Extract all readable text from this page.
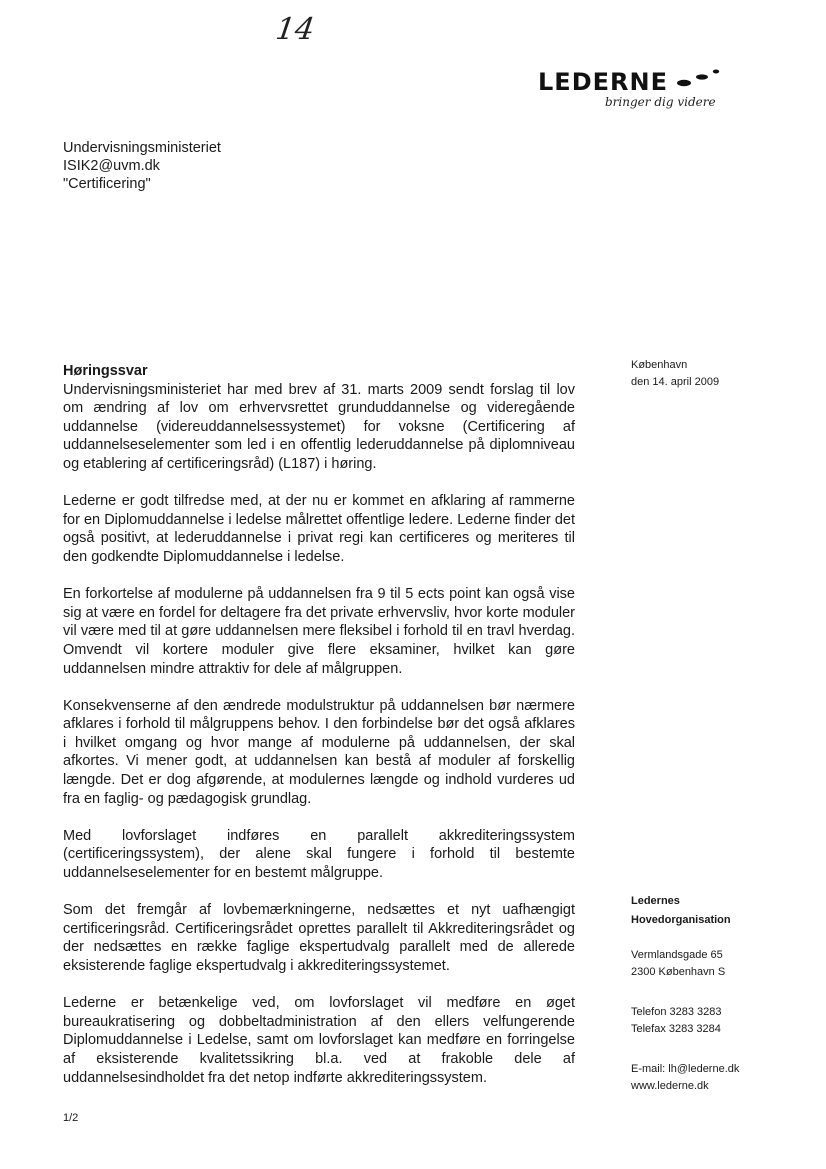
14
LEDERNE
bringer dig videre
Undervisningsministeriet
ISIK2@uvm.dk
"Certificering"
København
den 14. april 2009
Høringssvar

Undervisningsministeriet har med brev af 31. marts 2009 sendt forslag til lov om ændring af lov om erhvervsrettet grunduddannelse og videregående uddannelse (videreuddannelsessystemet) for voksne (Certificering af uddannelseselementer som led i en offentlig lederuddannelse på diplomniveau og etablering af certificeringsråd) (L187) i høring.

Lederne er godt tilfredse med, at der nu er kommet en afklaring af rammerne for en Diplomuddannelse i ledelse målrettet offentlige ledere. Lederne finder det også positivt, at lederuddannelse i privat regi kan certificeres og meriteres til den godkendte Diplomuddannelse i ledelse.

En forkortelse af modulerne på uddannelsen fra 9 til 5 ects point kan også vise sig at være en fordel for deltagere fra det private erhvervsliv, hvor korte moduler vil være med til at gøre uddannelsen mere fleksibel i forhold til en travl hverdag. Omvendt vil kortere moduler give flere eksaminer, hvilket kan gøre uddannelsen mindre attraktiv for dele af målgruppen.

Konsekvenserne af den ændrede modulstruktur på uddannelsen bør nærmere afklares i forhold til målgruppens behov. I den forbindelse bør det også afklares i hvilket omgang og hvor mange af modulerne på uddannelsen, der skal afkortes. Vi mener godt, at uddannelsen kan bestå af moduler af forskellig længde. Det er dog afgørende, at modulernes længde og indhold vurderes ud fra en faglig- og pædagogisk grundlag.

Med lovforslaget indføres en parallelt akkrediteringssystem (certificeringssystem), der alene skal fungere i forhold til bestemte uddannelseselementer for en bestemt målgruppe.

Som det fremgår af lovbemærkningerne, nedsættes et nyt uafhængigt certificeringsråd. Certificeringsrådet oprettes parallelt til Akkrediteringsrådet og der nedsættes en række faglige ekspertudvalg parallelt med de allerede eksisterende faglige ekspertudvalg i akkrediteringssystemet.

Lederne er betænkelige ved, om lovforslaget vil medføre en øget bureaukratisering og dobbeltadministration af den ellers velfungerende Diplomuddannelse i Ledelse, samt om lovforslaget kan medføre en forringelse af eksisterende kvalitetssikring bl.a. ved at frakoble dele af uddannelsesindholdet fra det netop indførte akkrediteringssystem.

Ledernes
Hovedorganisation
Vermlandsgade 65
2300 København S
Telefon 3283 3283
Telefax 3283 3284
E-mail: lh@lederne.dk
www.lederne.dk
1/2
